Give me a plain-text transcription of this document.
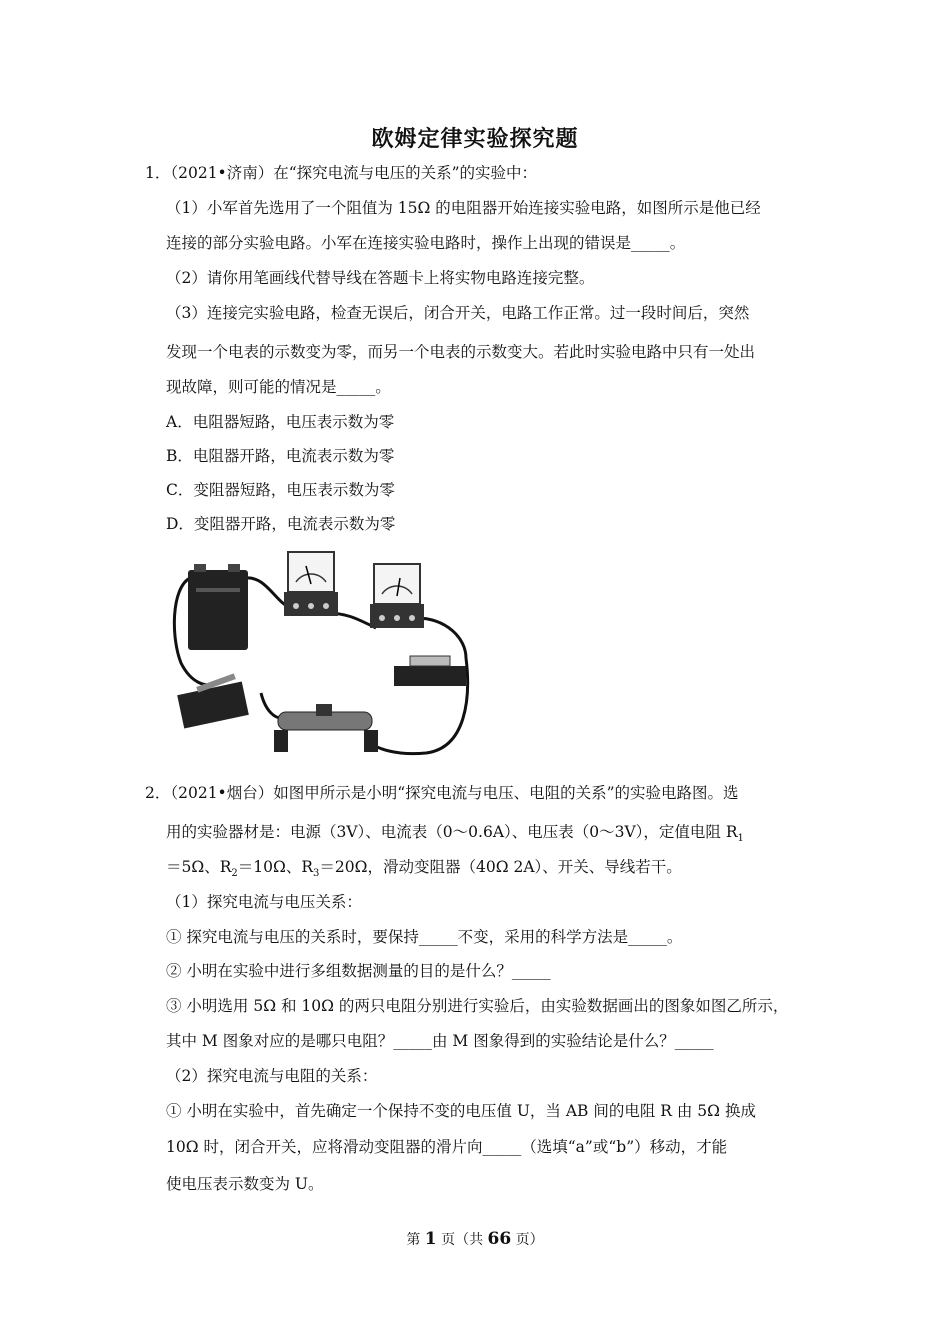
欧姆定律实验探究题
1．（2021•济南）在“探究电流与电压的关系”的实验中：
（1）小军首先选用了一个阻值为 15Ω 的电阻器开始连接实验电路，如图所示是他已经
连接的部分实验电路。小军在连接实验电路时，操作上出现的错误是_____。
（2）请你用笔画线代替导线在答题卡上将实物电路连接完整。
（3）连接完实验电路，检查无误后，闭合开关，电路工作正常。过一段时间后，突然
发现一个电表的示数变为零，而另一个电表的示数变大。若此时实验电路中只有一处出
现故障，则可能的情况是_____。
A．电阻器短路，电压表示数为零
B．电阻器开路，电流表示数为零
C．变阻器短路，电压表示数为零
D．变阻器开路，电流表示数为零
2．（2021•烟台）如图甲所示是小明“探究电流与电压、电阻的关系”的实验电路图。选
用的实验器材是：电源（3V）、电流表（0～0.6A）、电压表（0～3V），定值电阻 $R_1$
＝5Ω、$R_2=10\Omega$、$R_3=20\Omega$，滑动变阻器（40Ω 2A）、开关、导线若干。
（1）探究电流与电压关系：
① 探究电流与电压的关系时，要保持_____不变，采用的科学方法是_____。
② 小明在实验中进行多组数据测量的目的是什么？_____
③ 小明选用 5Ω 和 10Ω 的两只电阻分别进行实验后，由实验数据画出的图象如图乙所示，
其中 M 图象对应的是哪只电阻？_____由 M 图象得到的实验结论是什么？_____
（2）探究电流与电阻的关系：
① 小明在实验中，首先确定一个保持不变的电压值 U，当 AB 间的电阻 R 由 5Ω 换成
10Ω 时，闭合开关，应将滑动变阻器的滑片向_____（选填“a”或“b”）移动，才能
使电压表示数变为 U。
第 1 页（共 66 页）
